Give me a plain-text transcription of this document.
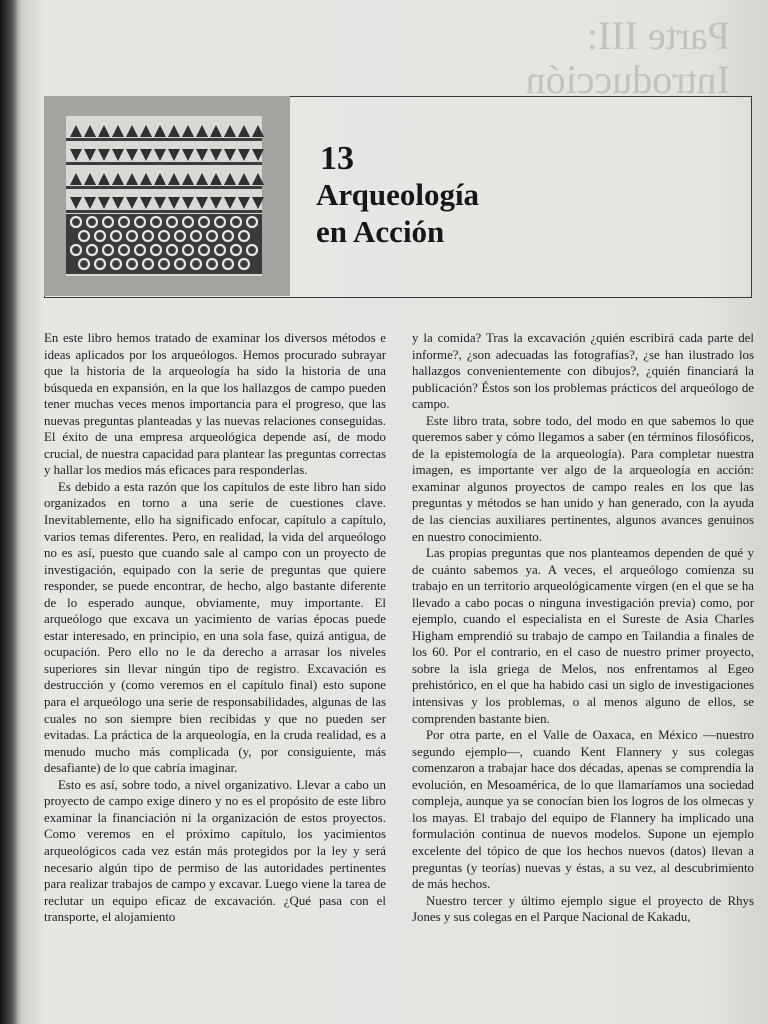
Parte III:
Introducción
13
Arqueología
en Acción

En este libro hemos tratado de examinar los diversos métodos e ideas aplicados por los arqueólogos. Hemos procurado subrayar que la historia de la arqueología ha sido la historia de una búsqueda en expansión, en la que los hallazgos de campo pueden tener muchas veces menos importancia para el progreso, que las nuevas preguntas planteadas y las nuevas relaciones conseguidas. El éxito de una empresa arqueológica depende así, de modo crucial, de nuestra capacidad para plantear las preguntas correctas y hallar los medios más eficaces para responderlas.

Es debido a esta razón que los capítulos de este libro han sido organizados en torno a una serie de cuestiones clave. Inevitablemente, ello ha significado enfocar, capítulo a capítulo, varios temas diferentes. Pero, en realidad, la vida del arqueólogo no es así, puesto que cuando sale al campo con un proyecto de investigación, equipado con la serie de preguntas que quiere responder, se puede encontrar, de hecho, algo bastante diferente de lo esperado aunque, obviamente, muy importante. El arqueólogo que excava un yacimiento de varias épocas puede estar interesado, en principio, en una sola fase, quizá antigua, de ocupación. Pero ello no le da derecho a arrasar los niveles superiores sin llevar ningún tipo de registro. Excavación es destrucción y (como veremos en el capítulo final) esto supone para el arqueólogo una serie de responsabilidades, algunas de las cuales no son siempre bien recibidas y que no pueden ser evitadas. La práctica de la arqueología, en la cruda realidad, es a menudo mucho más complicada (y, por consiguiente, más desafiante) de lo que cabría imaginar.

Esto es así, sobre todo, a nivel organizativo. Llevar a cabo un proyecto de campo exige dinero y no es el propósito de este libro examinar la financiación ni la organización de estos proyectos. Como veremos en el próximo capítulo, los yacimientos arqueológicos cada vez están más protegidos por la ley y será necesario algún tipo de permiso de las autoridades pertinentes para realizar trabajos de campo y excavar. Luego viene la tarea de reclutar un equipo eficaz de excavación. ¿Qué pasa con el transporte, el alojamiento

y la comida? Tras la excavación ¿quién escribirá cada parte del informe?, ¿son adecuadas las fotografías?, ¿se han ilustrado los hallazgos convenientemente con dibujos?, ¿quién financiará la publicación? Éstos son los problemas prácticos del arqueólogo de campo.

Este libro trata, sobre todo, del modo en que sabemos lo que queremos saber y cómo llegamos a saber (en términos filosóficos, de la epistemología de la arqueología). Para completar nuestra imagen, es importante ver algo de la arqueología en acción: examinar algunos proyectos de campo reales en los que las preguntas y métodos se han unido y han generado, con la ayuda de las ciencias auxiliares pertinentes, algunos avances genuinos en nuestro conocimiento.

Las propias preguntas que nos planteamos dependen de qué y de cuánto sabemos ya. A veces, el arqueólogo comienza su trabajo en un territorio arqueológicamente virgen (en el que se ha llevado a cabo pocas o ninguna investigación previa) como, por ejemplo, cuando el especialista en el Sureste de Asia Charles Higham emprendió su trabajo de campo en Tailandia a finales de los 60. Por el contrario, en el caso de nuestro primer proyecto, sobre la isla griega de Melos, nos enfrentamos al Egeo prehistórico, en el que ha habido casi un siglo de investigaciones intensivas y los problemas, o al menos alguno de ellos, se comprenden bastante bien.

Por otra parte, en el Valle de Oaxaca, en México —nuestro segundo ejemplo—, cuando Kent Flannery y sus colegas comenzaron a trabajar hace dos décadas, apenas se comprendía la evolución, en Mesoamérica, de lo que llamaríamos una sociedad compleja, aunque ya se conocían bien los logros de los olmecas y los mayas. El trabajo del equipo de Flannery ha implicado una formulación continua de nuevos modelos. Supone un ejemplo excelente del tópico de que los hechos nuevos (datos) llevan a preguntas (y teorías) nuevas y éstas, a su vez, al descubrimiento de más hechos.

Nuestro tercer y último ejemplo sigue el proyecto de Rhys Jones y sus colegas en el Parque Nacional de Kakadu,
